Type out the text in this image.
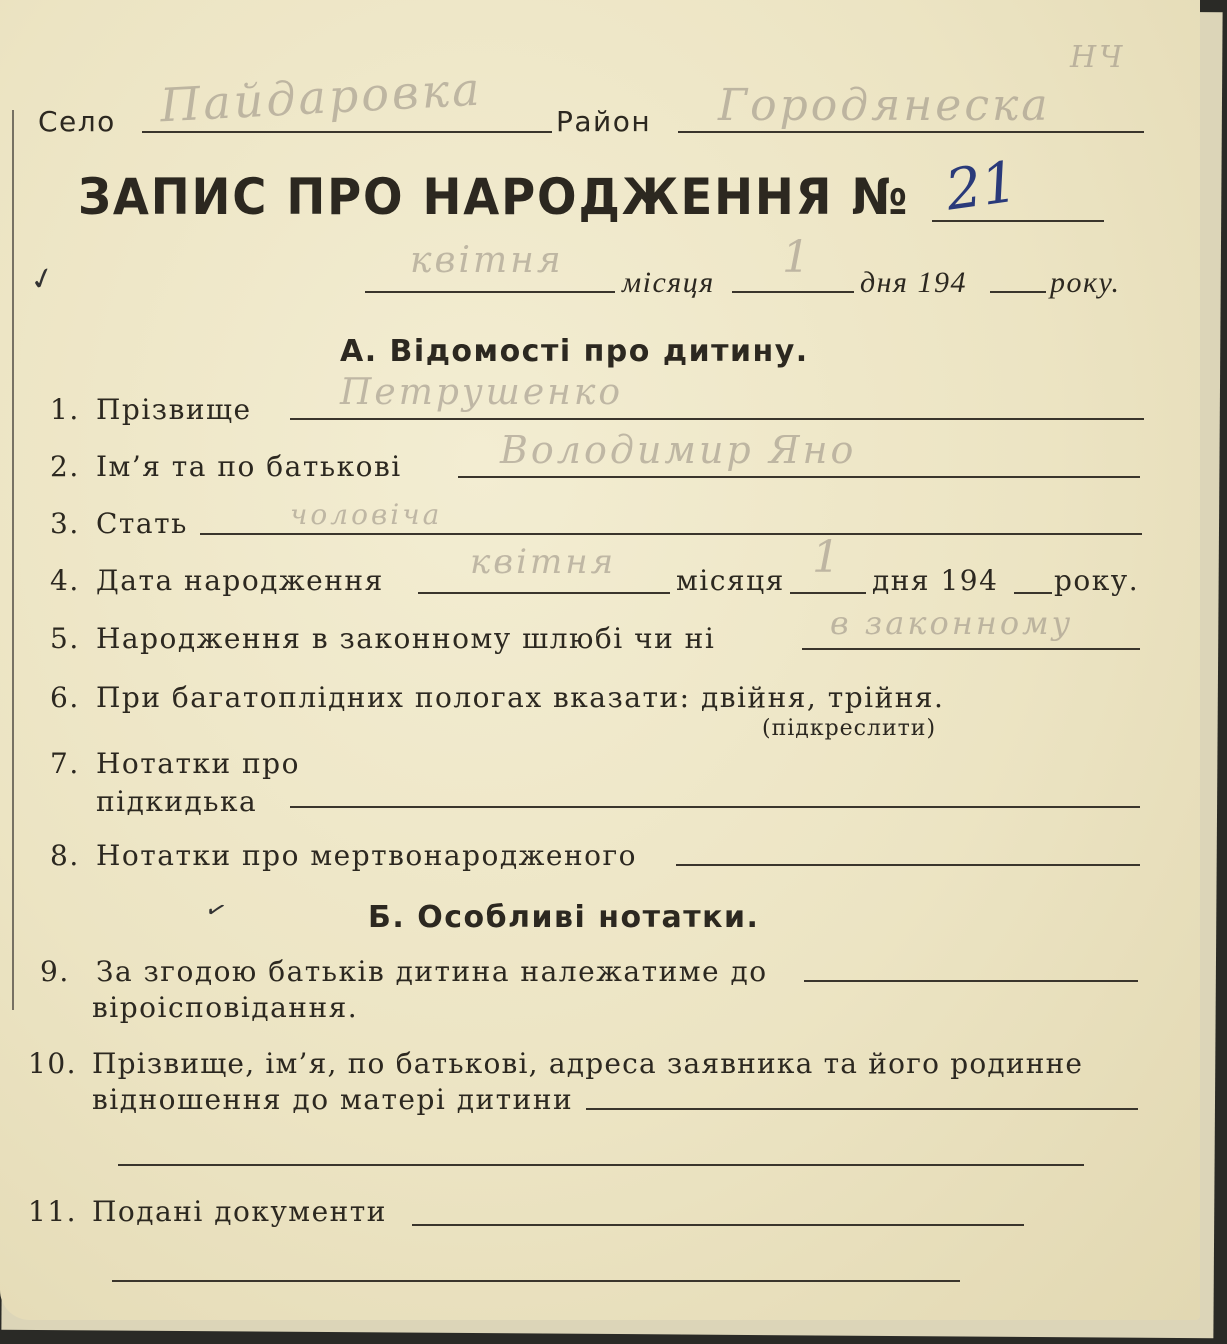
НЧ
Село Пайдаровка	Район Городянеска
ЗАПИС ПРО НАРОДЖЕННЯ № 21
✓	квітня
місяця 1 дня 194	року.
А. Відомості про дитину.
1. Прізвище Петрушенко
2. Ім’я та по батькові	Володимир Яно
3. Стать	чоловіча
4. Дата народження	квітня місяця 1 дня 194 року.
5. Народження в законному шлюбі чи ні	в законному
6. При багатоплідних пологах вказати: двійня, трійня.
(підкреслити)
7. Нотатки про
підкидька
8. Нотатки про мертвонародженого
Б. Особливі нотатки.
✓
9. За згодою батьків дитина належатиме до
віроісповідання.
10. Прізвище, ім’я, по батькові, адреса заявника та його родинне
відношення до матері дитини
11. Подані документи
